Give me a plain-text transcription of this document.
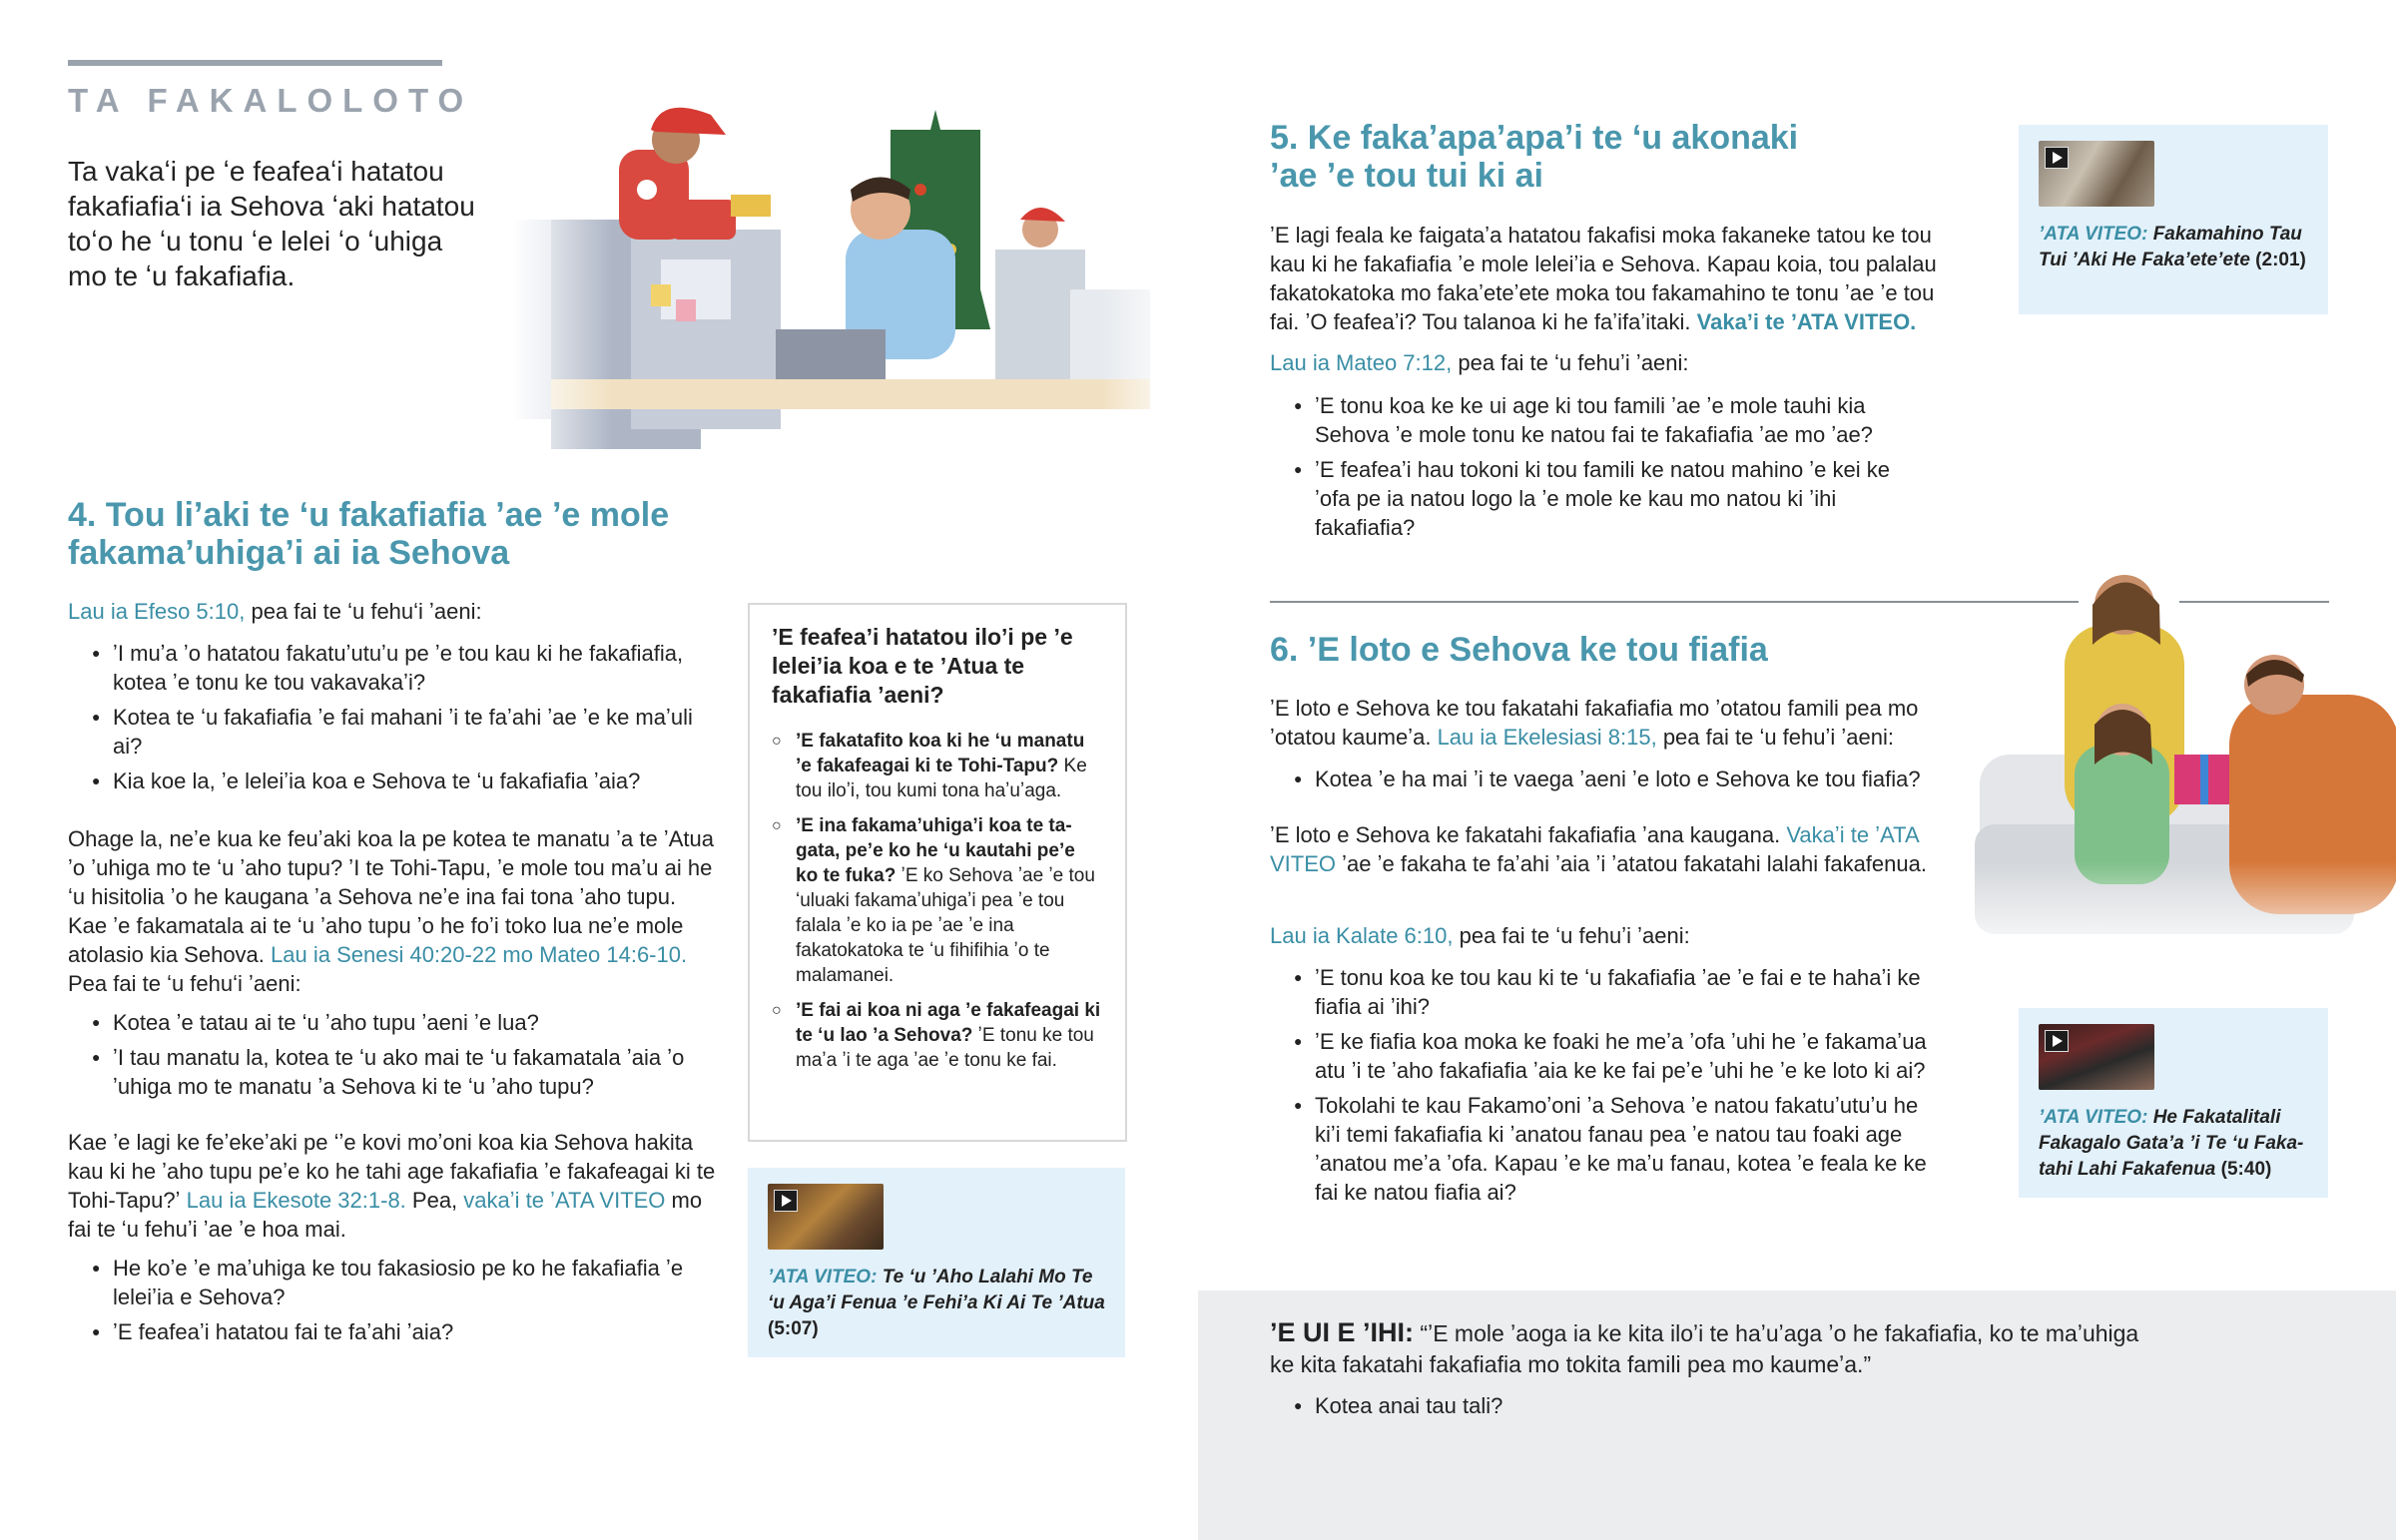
TA FAKALOLOTO

Ta vakaʻi pe ʻe feafeaʻi hatatou fakafiafiaʻi ia Sehova ʻaki hatatou toʻo he ʻu tonu ʻe lelei ʻo ʻuhiga mo te ʻu fakafiafia.

4. Tou liʼaki te ʻu fakafiafia ʼae ʼe mole fakamaʼuhigaʼi ai ia Sehova

Lau ia Efeso 5:10, pea fai te ʻu fehuʻi ʼaeni:

● ʼI muʼa ʼo hatatou fakatuʼutuʼu pe ʼe tou kau ki he fakafiafia, kotea ʼe tonu ke tou vakavakaʼi?
● Kotea te ʻu fakafiafia ʼe fai mahani ʼi te faʼahi ʼae ʼe ke maʼuli ai?
● Kia koe la, ʼe leleiʼia koa e Sehova te ʻu fakafiafia ʼaia?

Ohage la, neʼe kua ke feuʼaki koa la pe kotea te manatu ʼa te ʼAtua ʼo ʼuhiga mo te ʻu ʼaho tupu? ʼI te Tohi-Tapu, ʼe mole tou maʼu ai he ʻu hisitolia ʼo he kaugana ʼa Sehova neʼe ina fai tona ʼaho tupu. Kae ʼe fakamatala ai te ʻu ʼaho tupu ʼo he foʼi toko lua neʼe mole atolasio kia Sehova. Lau ia Senesi 40:20-22 mo Mateo 14:6-10. Pea fai te ʻu fehuʻi ʼaeni:

● Kotea ʼe tatau ai te ʻu ʼaho tupu ʼaeni ʼe lua?
● ʼI tau manatu la, kotea te ʻu ako mai te ʻu fakamatala ʼaia ʼo ʼuhiga mo te manatu ʼa Sehova ki te ʻu ʼaho tupu?

Kae ʼe lagi ke feʼekeʼaki pe ʻʼe kovi moʼoni koa kia Sehova hakita kau ki he ʼaho tupu peʼe ko he tahi age fakafiafia ʼe fakafeagai ki te Tohi-Tapu?ʼ Lau ia Ekesote 32:1-8. Pea, vakaʼi te ʼATA VITEO mo fai te ʻu fehuʼi ʼae ʼe hoa mai.

● He koʼe ʼe maʼuhiga ke tou fakasiosio pe ko he fakafiafia ʼe leleiʼia e Sehova?
● ʼE feafeaʼi hatatou fai te faʼahi ʼaia?
ʼE feafeaʼi hatatou iloʼi pe ʼe leleiʼia koa e te ʼAtua te fakafiafia ʼaeni?
○ ʼE fakatafito koa ki he ʻu manatu ʼe fakafeagai ki te Tohi-Tapu? Ke tou iloʼi, tou kumi tona haʼuʼaga.
○ ʼE ina fakamaʼuhigaʼi koa te ta-gata, peʼe ko he ʻu kautahi peʼe ko te fuka? ʼE ko Sehova ʼae ʼe tou ʻuluaki fakamaʼuhigaʼi pea ʼe tou falala ʼe ko ia pe ʼae ʼe ina fakatokatoka te ʻu fihifihia ʼo te malamanei.
○ ʼE fai ai koa ni aga ʼe fakafeagai ki te ʻu lao ʼa Sehova? ʼE tonu ke tou maʼa ʼi te aga ʼae ʼe tonu ke fai.
ʼATA VITEO: Te ʻu ʼAho Lalahi Mo Te ʻu Agaʼi Fenua ʼe Fehiʼa Ki Ai Te ʼAtua (5:07)
5. Ke fakaʼapaʼapaʼi te ʻu akonaki ʼae ʼe tou tui ki ai

ʼE lagi feala ke faigataʼa hatatou fakafisi moka fakaneke tatou ke tou kau ki he fakafiafia ʼe mole leleiʼia e Sehova. Kapau koia, tou palalau fakatokatoka mo fakaʼeteʼete moka tou fakamahino te tonu ʼae ʼe tou fai. ʼO feafeaʼi? Tou talanoa ki he faʼifaʼitaki. Vakaʼi te ʼATA VITEO.

Lau ia Mateo 7:12, pea fai te ʻu fehuʼi ʼaeni:

● ʼE tonu koa ke ke ui age ki tou famili ʼae ʼe mole tauhi kia Sehova ʼe mole tonu ke natou fai te fakafiafia ʼae mo ʼae?
● ʼE feafeaʼi hau tokoni ki tou famili ke natou mahino ʼe kei ke ʼofa pe ia natou logo la ʼe mole ke kau mo natou ki ʼihi fakafiafia?
ʼATA VITEO: Fakamahino Tau Tui ʼAki He Fakaʼeteʼete (2:01)
6. ʼE loto e Sehova ke tou fiafia

ʼE loto e Sehova ke tou fakatahi fakafiafia mo ʼotatou famili pea mo ʼotatou kaumeʼa. Lau ia Ekelesiasi 8:15, pea fai te ʻu fehuʼi ʼaeni:

● Kotea ʼe ha mai ʼi te vaega ʼaeni ʼe loto e Sehova ke tou fiafia?

ʼE loto e Sehova ke fakatahi fakafiafia ʼana kaugana. Vakaʼi te ʼATA VITEO ʼae ʼe fakaha te faʼahi ʼaia ʼi ʼatatou fakatahi lalahi fakafenua.

Lau ia Kalate 6:10, pea fai te ʻu fehuʼi ʼaeni:

● ʼE tonu koa ke tou kau ki te ʻu fakafiafia ʼae ʼe fai e te hahaʼi ke fiafia ai ʼihi?
● ʼE ke fiafia koa moka ke foaki he meʼa ʼofa ʼuhi he ʼe fakamaʼua atu ʼi te ʼaho fakafiafia ʼaia ke ke fai peʼe ʼuhi he ʼe ke loto ki ai?
● Tokolahi te kau Fakamoʼoni ʼa Sehova ʼe natou fakatuʼutuʼu he kiʼi temi fakafiafia ki ʼanatou fanau pea ʼe natou tau foaki age ʼanatou meʼa ʼofa. Kapau ʼe ke maʼu fanau, kotea ʼe feala ke ke fai ke natou fiafia ai?
ʼATA VITEO: He Fakatalitali Fakagalo Gataʼa ʼi Te ʻu Faka-tahi Lahi Fakafenua (5:40)

ʼE UI E ʼIHI: “ʼE mole ʼaoga ia ke kita iloʼi te haʼuʼaga ʼo he fakafiafia, ko te maʼuhiga ke kita fakatahi fakafiafia mo tokita famili pea mo kaumeʼa.”

● Kotea anai tau tali?
